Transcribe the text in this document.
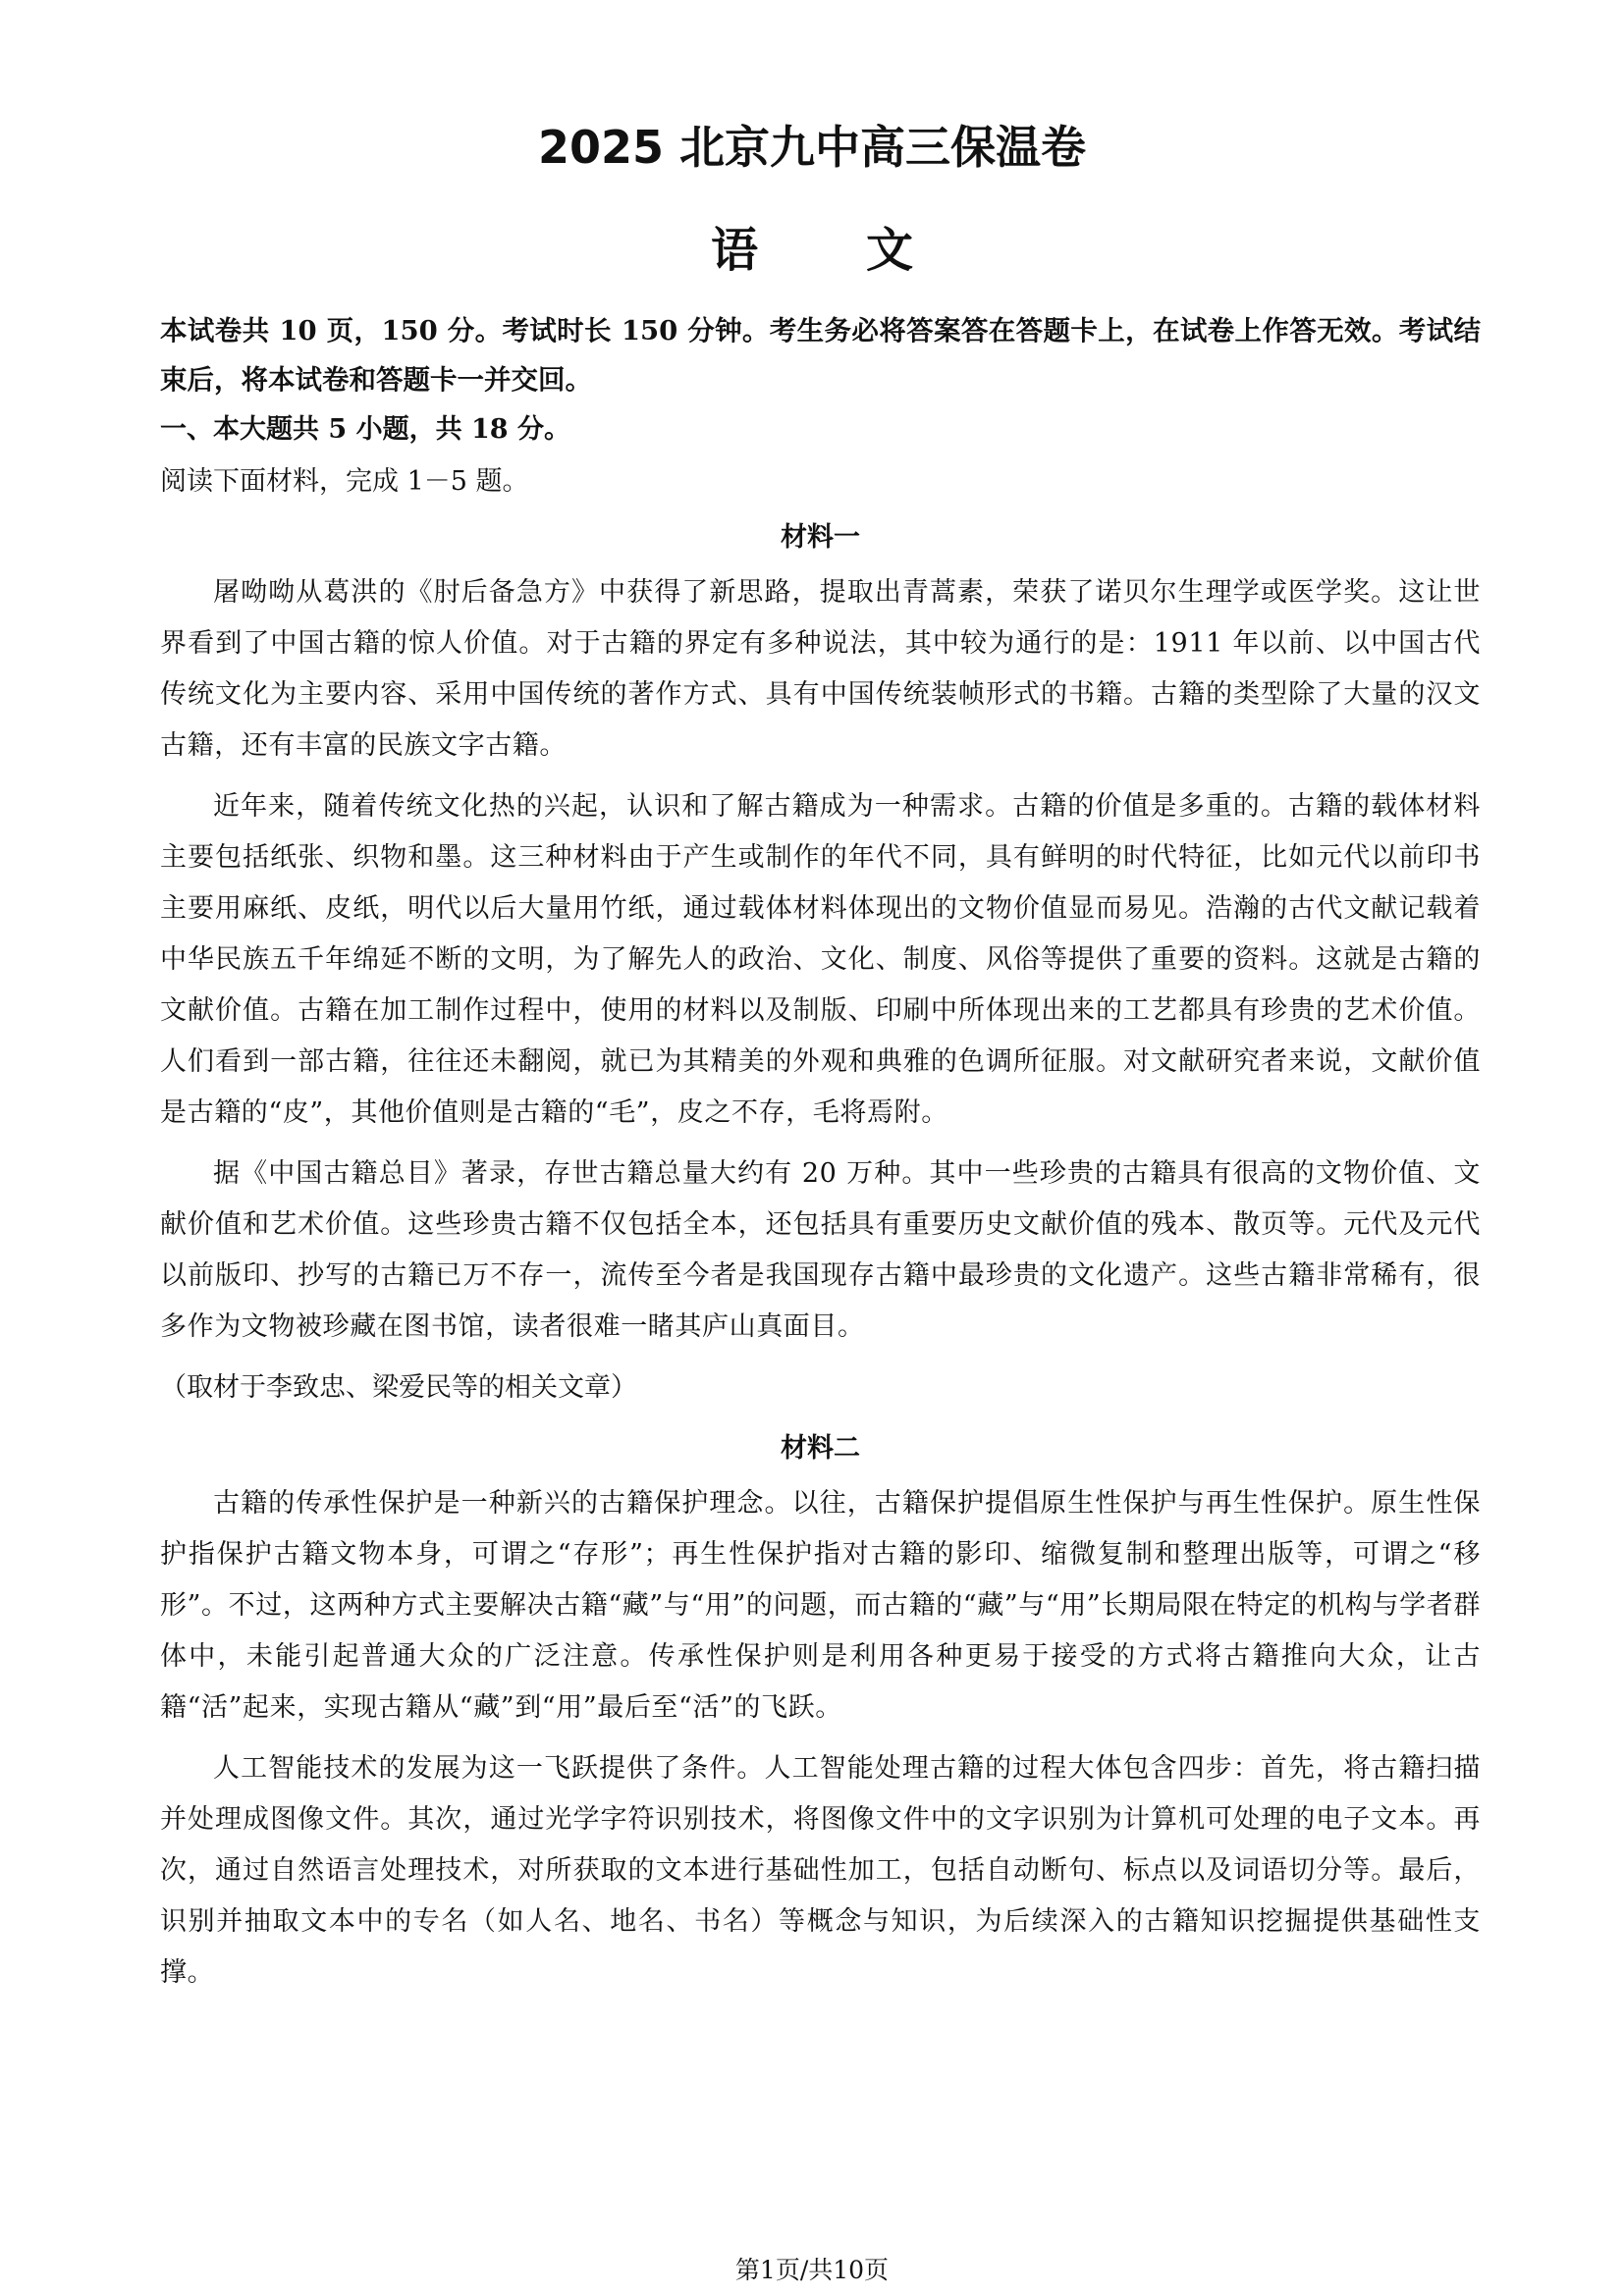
2025 北京九中高三保温卷
语文

本试卷共 10 页，150 分。考试时长 150 分钟。考生务必将答案答在答题卡上，在试卷上作答无效。考试结束后，将本试卷和答题卡一并交回。

一、本大题共 5 小题，共 18 分。

阅读下面材料，完成 1－5 题。

材料一

屠呦呦从葛洪的《肘后备急方》中获得了新思路，提取出青蒿素，荣获了诺贝尔生理学或医学奖。这让世界看到了中国古籍的惊人价值。对于古籍的界定有多种说法，其中较为通行的是：1911 年以前、以中国古代传统文化为主要内容、采用中国传统的著作方式、具有中国传统装帧形式的书籍。古籍的类型除了大量的汉文古籍，还有丰富的民族文字古籍。

近年来，随着传统文化热的兴起，认识和了解古籍成为一种需求。古籍的价值是多重的。古籍的载体材料主要包括纸张、织物和墨。这三种材料由于产生或制作的年代不同，具有鲜明的时代特征，比如元代以前印书主要用麻纸、皮纸，明代以后大量用竹纸，通过载体材料体现出的文物价值显而易见。浩瀚的古代文献记载着中华民族五千年绵延不断的文明，为了解先人的政治、文化、制度、风俗等提供了重要的资料。这就是古籍的文献价值。古籍在加工制作过程中，使用的材料以及制版、印刷中所体现出来的工艺都具有珍贵的艺术价值。人们看到一部古籍，往往还未翻阅，就已为其精美的外观和典雅的色调所征服。对文献研究者来说，文献价值是古籍的“皮”，其他价值则是古籍的“毛”，皮之不存，毛将焉附。

据《中国古籍总目》著录，存世古籍总量大约有 20 万种。其中一些珍贵的古籍具有很高的文物价值、文献价值和艺术价值。这些珍贵古籍不仅包括全本，还包括具有重要历史文献价值的残本、散页等。元代及元代以前版印、抄写的古籍已万不存一，流传至今者是我国现存古籍中最珍贵的文化遗产。这些古籍非常稀有，很多作为文物被珍藏在图书馆，读者很难一睹其庐山真面目。

（取材于李致忠、梁爱民等的相关文章）

材料二

古籍的传承性保护是一种新兴的古籍保护理念。以往，古籍保护提倡原生性保护与再生性保护。原生性保护指保护古籍文物本身，可谓之“存形”；再生性保护指对古籍的影印、缩微复制和整理出版等，可谓之“移形”。不过，这两种方式主要解决古籍“藏”与“用”的问题，而古籍的“藏”与“用”长期局限在特定的机构与学者群体中，未能引起普通大众的广泛注意。传承性保护则是利用各种更易于接受的方式将古籍推向大众，让古籍“活”起来，实现古籍从“藏”到“用”最后至“活”的飞跃。

人工智能技术的发展为这一飞跃提供了条件。人工智能处理古籍的过程大体包含四步：首先，将古籍扫描并处理成图像文件。其次，通过光学字符识别技术，将图像文件中的文字识别为计算机可处理的电子文本。再次，通过自然语言处理技术，对所获取的文本进行基础性加工，包括自动断句、标点以及词语切分等。最后，识别并抽取文本中的专名（如人名、地名、书名）等概念与知识，为后续深入的古籍知识挖掘提供基础性支撑。

第1页/共10页
